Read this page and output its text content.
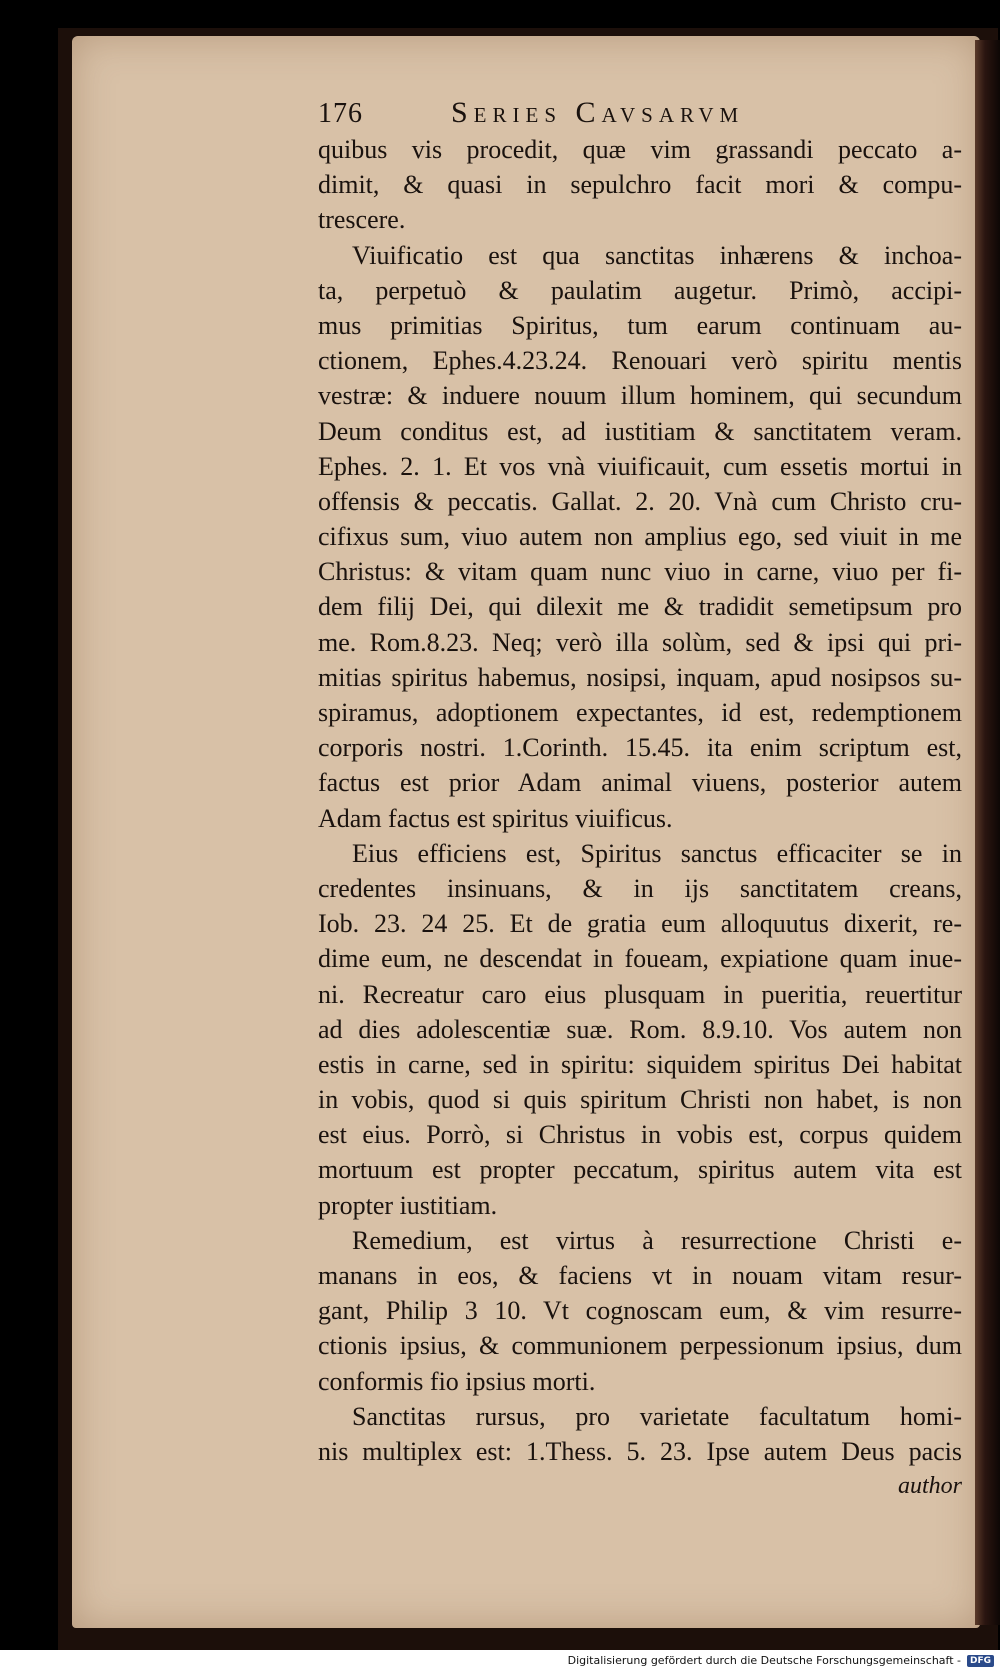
176	Series Cavsarvm
quibus vis procedit, quæ vim grassandi peccato a-
dimit, & quasi in sepulchro facit mori & compu-
trescere.
Viuificatio est qua sanctitas inhærens & inchoa-
ta, perpetuò & paulatim augetur. Primò, accipi-
mus primitias Spiritus, tum earum continuam au-
ctionem, Ephes.4.23.24. Renouari verò spiritu mentis
vestræ: & induere nouum illum hominem, qui secundum
Deum conditus est, ad iustitiam & sanctitatem veram.
Ephes. 2. 1. Et vos vnà viuificauit, cum essetis mortui in
offensis & peccatis. Gallat. 2. 20. Vnà cum Christo cru-
cifixus sum, viuo autem non amplius ego, sed viuit in me
Christus: & vitam quam nunc viuo in carne, viuo per fi-
dem filij Dei, qui dilexit me & tradidit semetipsum pro
me. Rom.8.23. Neq; verò illa solùm, sed & ipsi qui pri-
mitias spiritus habemus, nosipsi, inquam, apud nosipsos su-
spiramus, adoptionem expectantes, id est, redemptionem
corporis nostri. 1.Corinth. 15.45. ita enim scriptum est,
factus est prior Adam animal viuens, posterior autem
Adam factus est spiritus viuificus.
Eius efficiens est, Spiritus sanctus efficaciter se in
credentes insinuans, & in ijs sanctitatem creans,
Iob. 23. 24 25. Et de gratia eum alloquutus dixerit, re-
dime eum, ne descendat in foueam, expiatione quam inue-
ni. Recreatur caro eius plusquam in pueritia, reuertitur
ad dies adolescentiæ suæ. Rom. 8.9.10. Vos autem non
estis in carne, sed in spiritu: siquidem spiritus Dei habitat
in vobis, quod si quis spiritum Christi non habet, is non
est eius. Porrò, si Christus in vobis est, corpus quidem
mortuum est propter peccatum, spiritus autem vita est
propter iustitiam.
Remedium, est virtus à resurrectione Christi e-
manans in eos, & faciens vt in nouam vitam resur-
gant, Philip 3 10. Vt cognoscam eum, & vim resurre-
ctionis ipsius, & communionem perpessionum ipsius, dum
conformis fio ipsius morti.
Sanctitas rursus, pro varietate facultatum homi-
nis multiplex est: 1.Thess. 5. 23. Ipse autem Deus pacis
author
Digitalisierung gefördert durch die Deutsche Forschungsgemeinschaft -	DFG
